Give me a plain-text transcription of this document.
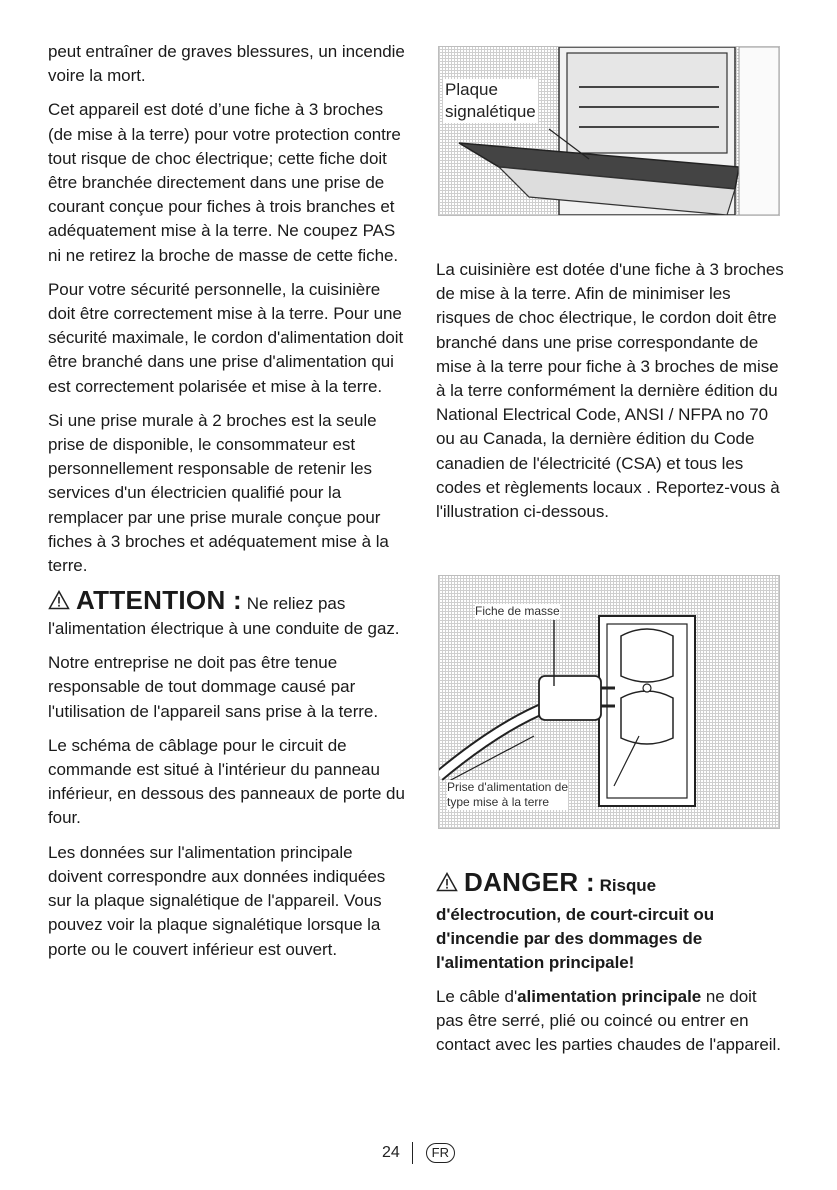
peut entraîner de graves blessures, un incendie voire la mort.

Cet appareil est doté d’une fiche à 3 broches (de mise à la terre) pour votre protection contre tout risque de choc électrique; cette fiche doit être branchée directement dans une prise de courant conçue pour fiches à trois branches et adéquatement mise à la terre. Ne coupez PAS ni ne retirez la broche de masse de cette fiche.

Pour votre sécurité personnelle, la cuisinière doit être correctement mise à la terre. Pour une sécurité maximale, le cordon d'alimentation doit être branché dans une prise d'alimentation qui est correctement polarisée et mise à la terre.

Si une prise murale à 2 broches est la seule prise de disponible, le consommateur est personnellement responsable de retenir les services d'un électricien qualifié pour la remplacer par une prise murale conçue pour fiches à 3 broches et adéquatement mise à la terre.

ATTENTION : Ne reliez pas l'alimentation électrique à une conduite de gaz.

Notre entreprise ne doit pas être tenue responsable de tout dommage causé par l'utilisation de l'appareil sans prise à la terre.

Le schéma de câblage pour le circuit de commande est situé à l'intérieur du panneau inférieur, en dessous des panneaux de porte du four.

Les données sur l'alimentation principale doivent correspondre aux données indiquées sur la plaque signalétique de l'appareil. Vous pouvez voir la plaque signalétique lorsque la porte ou le couvert inférieur est ouvert.

Plaque
signalétique

La cuisinière est dotée d'une fiche à 3 broches de mise à la terre. Afin de minimiser les risques de choc électrique, le cordon doit être branché dans une prise correspondante de mise à la terre pour fiche à 3 broches de mise à la terre conformément la dernière édition du National Electrical Code, ANSI / NFPA no 70 ou au Canada, la dernière édition du Code canadien de l'électricité (CSA) et tous les codes et règlements locaux . Reportez-vous à l'illustration ci-dessous.

Fiche de masse
Prise d'alimentation de
type mise à la terre

DANGER : Risque

d'électrocution, de court-circuit ou d'incendie par des dommages de l'alimentation principale!

Le câble d'alimentation principale ne doit pas être serré, plié ou coincé ou entrer en contact avec les parties chaudes de l'appareil.

24 FR
